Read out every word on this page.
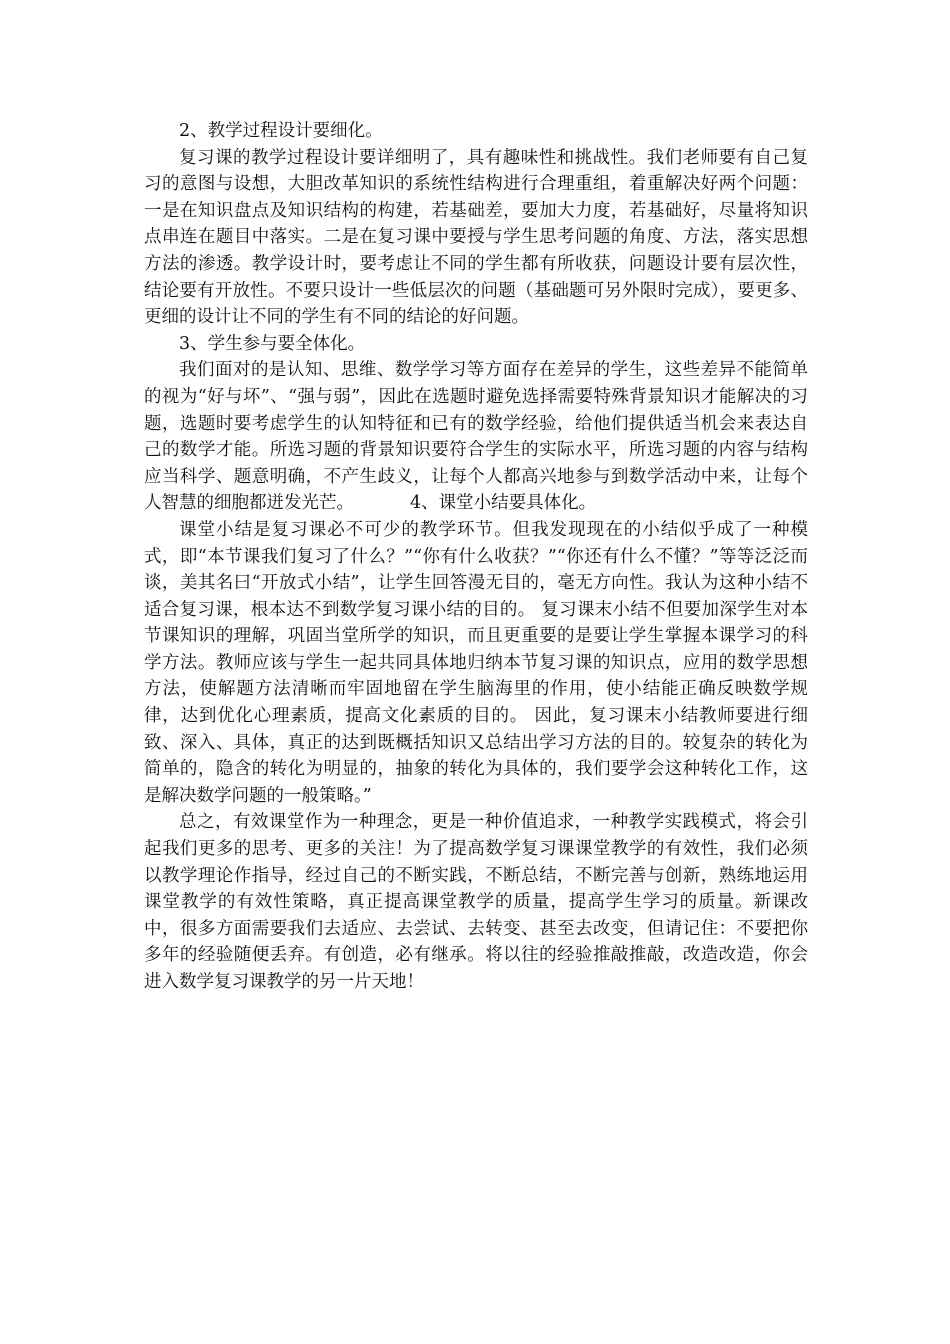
2、教学过程设计要细化。

复习课的教学过程设计要详细明了，具有趣味性和挑战性。我们老师要有自己复习的意图与设想，大胆改革知识的系统性结构进行合理重组，着重解决好两个问题：一是在知识盘点及知识结构的构建，若基础差，要加大力度，若基础好，尽量将知识点串连在题目中落实。二是在复习课中要授与学生思考问题的角度、方法，落实思想方法的渗透。教学设计时，要考虑让不同的学生都有所收获，问题设计要有层次性，结论要有开放性。不要只设计一些低层次的问题（基础题可另外限时完成），要更多、更细的设计让不同的学生有不同的结论的好问题。

3、学生参与要全体化。

我们面对的是认知、思维、数学学习等方面存在差异的学生，这些差异不能简单的视为“好与坏”、“强与弱”，因此在选题时避免选择需要特殊背景知识才能解决的习题，选题时要考虑学生的认知特征和已有的数学经验，给他们提供适当机会来表达自己的数学才能。所选习题的背景知识要符合学生的实际水平，所选习题的内容与结构应当科学、题意明确，不产生歧义，让每个人都高兴地参与到数学活动中来，让每个人智慧的细胞都迸发光芒。	4、课堂小结要具体化。

课堂小结是复习课必不可少的教学环节。但我发现现在的小结似乎成了一种模式，即“本节课我们复习了什么？”“你有什么收获？”“你还有什么不懂？”等等泛泛而谈，美其名曰“开放式小结”，让学生回答漫无目的，毫无方向性。我认为这种小结不适合复习课，根本达不到数学复习课小结的目的。 复习课末小结不但要加深学生对本节课知识的理解，巩固当堂所学的知识，而且更重要的是要让学生掌握本课学习的科学方法。教师应该与学生一起共同具体地归纳本节复习课的知识点，应用的数学思想方法，使解题方法清晰而牢固地留在学生脑海里的作用，使小结能正确反映数学规律，达到优化心理素质，提高文化素质的目的。 因此，复习课末小结教师要进行细致、深入、具体，真正的达到既概括知识又总结出学习方法的目的。较复杂的转化为简单的，隐含的转化为明显的，抽象的转化为具体的，我们要学会这种转化工作，这是解决数学问题的一般策略。”

总之，有效课堂作为一种理念，更是一种价值追求，一种教学实践模式，将会引起我们更多的思考、更多的关注！为了提高数学复习课课堂教学的有效性，我们必须以教学理论作指导，经过自己的不断实践，不断总结，不断完善与创新，熟练地运用课堂教学的有效性策略，真正提高课堂教学的质量，提高学生学习的质量。新课改中，很多方面需要我们去适应、去尝试、去转变、甚至去改变，但请记住：不要把你多年的经验随便丢弃。有创造，必有继承。将以往的经验推敲推敲，改造改造，你会进入数学复习课教学的另一片天地！
